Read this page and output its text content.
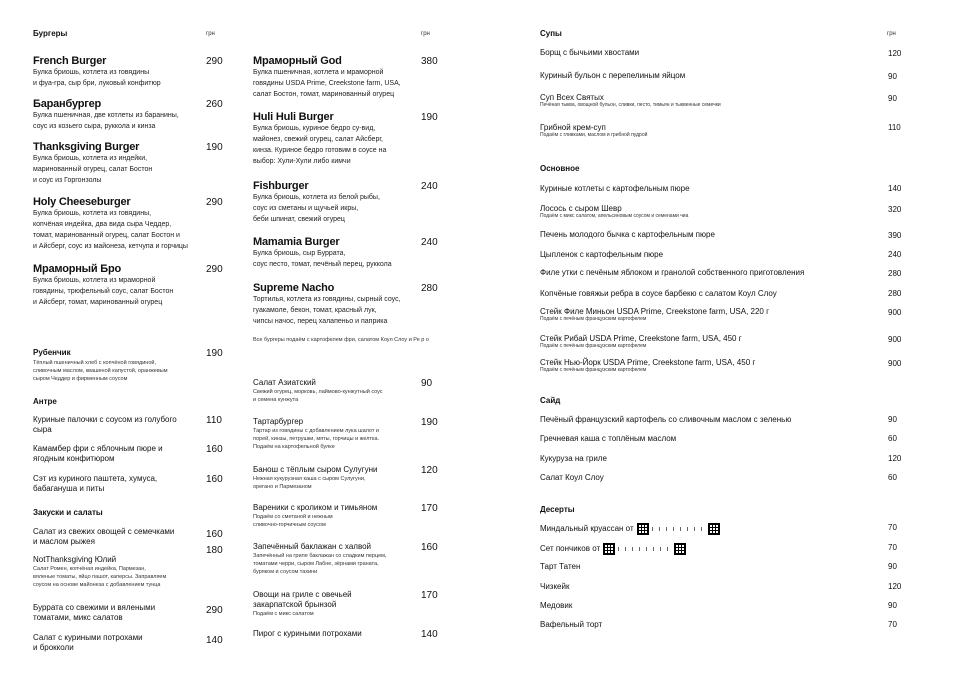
Бургеры	грн	грн	грн
French Burger
Булка бриошь, котлета из говядины
и фуа-гра, сыр бри, луковый конфитюр
290
Баранбургер
Булка пшеничная, две котлеты из баранины,
соус из козьего сыра, руккола и кинза
260
Thanksgiving Burger
Булка бриошь, котлета из индейки,
маринованный огурец, салат Бостон
и соус из Горгонзолы
190
Holy Cheeseburger
Булка бриошь, котлета из говядины,
копчёная индейка, два вида сыра Чеддер,
томат, маринованный огурец, салат Бостон и
и Айсберг, соус из майонеза, кетчупа и горчицы
290
Мраморный Бро
Булка бриошь, котлета из мраморной
говядины, трюфельный соус, салат Бостон
и Айсберг, томат, маринованный огурец
290
Мраморный God
Булка пшеничная, котлета и мраморной
говядины USDA Prime, Creekstone farm, USA,
салат Бостон, томат, маринованный огурец
380
Huli Huli Burger
Булка бриошь, куриное бедро су-вид,
майонез, свежий огурец, салат Айсберг,
кинза. Куриное бедро готовим в соусе на
выбор: Хули-Хули либо кимчи
190
Fishburger
Булка бриошь, котлета из белой рыбы,
соус из сметаны и щучьей икры,
беби шпинат, свежий огурец
240
Mamamia Burger
Булка бриошь, сыр Буррата,
соус песто, томат, печёный перец, руккола
240
Supreme Nacho
Тортилья, котлета из говядины, сырный соус,
гуакамоле, бекон, томат, красный лук,
чипсы начос, перец халапеньо и паприка
280
Все бургеры подаём с картофелем фри, салатом Коул Слоу и Ре p о
Рубенчик
Тёплый пшеничный хлеб с копчёной говядиной,
сливочным маслом, квашеной капустой, оранжевым
сыром Чеддер и фирменным соусом
190
Антре
Куриные палочки с соусом из голубого
сыра
110
Камамбер фри с яблочным пюре и
ягодным конфитюром
160
Сэт из куриного паштета, хумуса,
бабагануша и питы
160
Закуски и салаты
Салат из свежих овощей с семечками
и маслом рыжея
160
NotThanksgiving Юлий
Салат Ромен, копчёная индейка, Пармезан,
вяленые томаты, яйцо пашот, каперсы. Заправляем
соусом на основе майонеза с добавлением тунца
180
Буррата со свежими и вялеными
томатами, микс салатов
290
Салат с куриными потрохами
и брокколи
140
Салат Азиатский
Свежий огурец, морковь, лаймово-кунжутный соус
и семена кунжута
90
Тартарбургер
Тартар из говядины с добавлением лука шалот и
порей, кинзы, петрушки, мяты, горчицы и желтка.
Подаём на картофельной булке
190
Банош с тёплым сыром Сулугуни
Нежная кукурузная каша с сыром Сулугуни,
орегано и Пармезаном
120
Вареники с кроликом и тимьяном
Подаём со сметаной и нежным
сливочно-горчичным соусом
170
Запечённый баклажан с халвой
Запечённый на гриле баклажан со сладким перцем,
томатами черри, сыром Лабне, зёрнами граната,
буряком и соусом тахини
160
Овощи на гриле с овечьей
закарпатской брынзой
Подаём с микс салатом
170
Пирог с куриными потрохами	140
Супы
Борщ с бычьими хвостами	120
Куриный бульон с перепелиным яйцом	90
Суп Всех Святых
Печёная тыква, овощной бульон, сливки, песто, тимьян и тыквенные семечки
90
Грибной крем-суп
Подаём с гливками, маслом и грибной пудрой
110
Основное
Куриные котлеты с картофельным пюре	140
Лосось с сыром Шевр
Подаём с микс салатом, апельсиновым соусом и семенами чиа
320
Печень молодого бычка с картофельным пюре	390
Цыпленок с картофельным пюре	240
Филе утки с печёным яблоком и гранолой собственного приготовления	280
Копчёные говяжьи ребра в соусе барбекю с салатом Коул Слоу	280
Стейк Филе Миньон USDA Prime, Creekstone farm, USA, 220 г
Подаём с печёным французским картофелем
900
Стейк Рибай USDA Prime, Creekstone farm, USA, 450 г
Подаём с печёным французским картофелем
900
Стейк Нью-Йорк USDA Prime, Creekstone farm, USA, 450 г
Подаём с печёным французским картофелем
900
Сайд
Печёный французский картофель со сливочным маслом с зеленью	90
Гречневая каша с топлёным маслом	60
Кукуруза на гриле	120
Салат Коул Слоу	60
Десерты
Миндальный круассан от	70
Сет пончиков от	70
Тарт Татен	90
Чизкейк	120
Медовик	90
Вафельный торт	70
